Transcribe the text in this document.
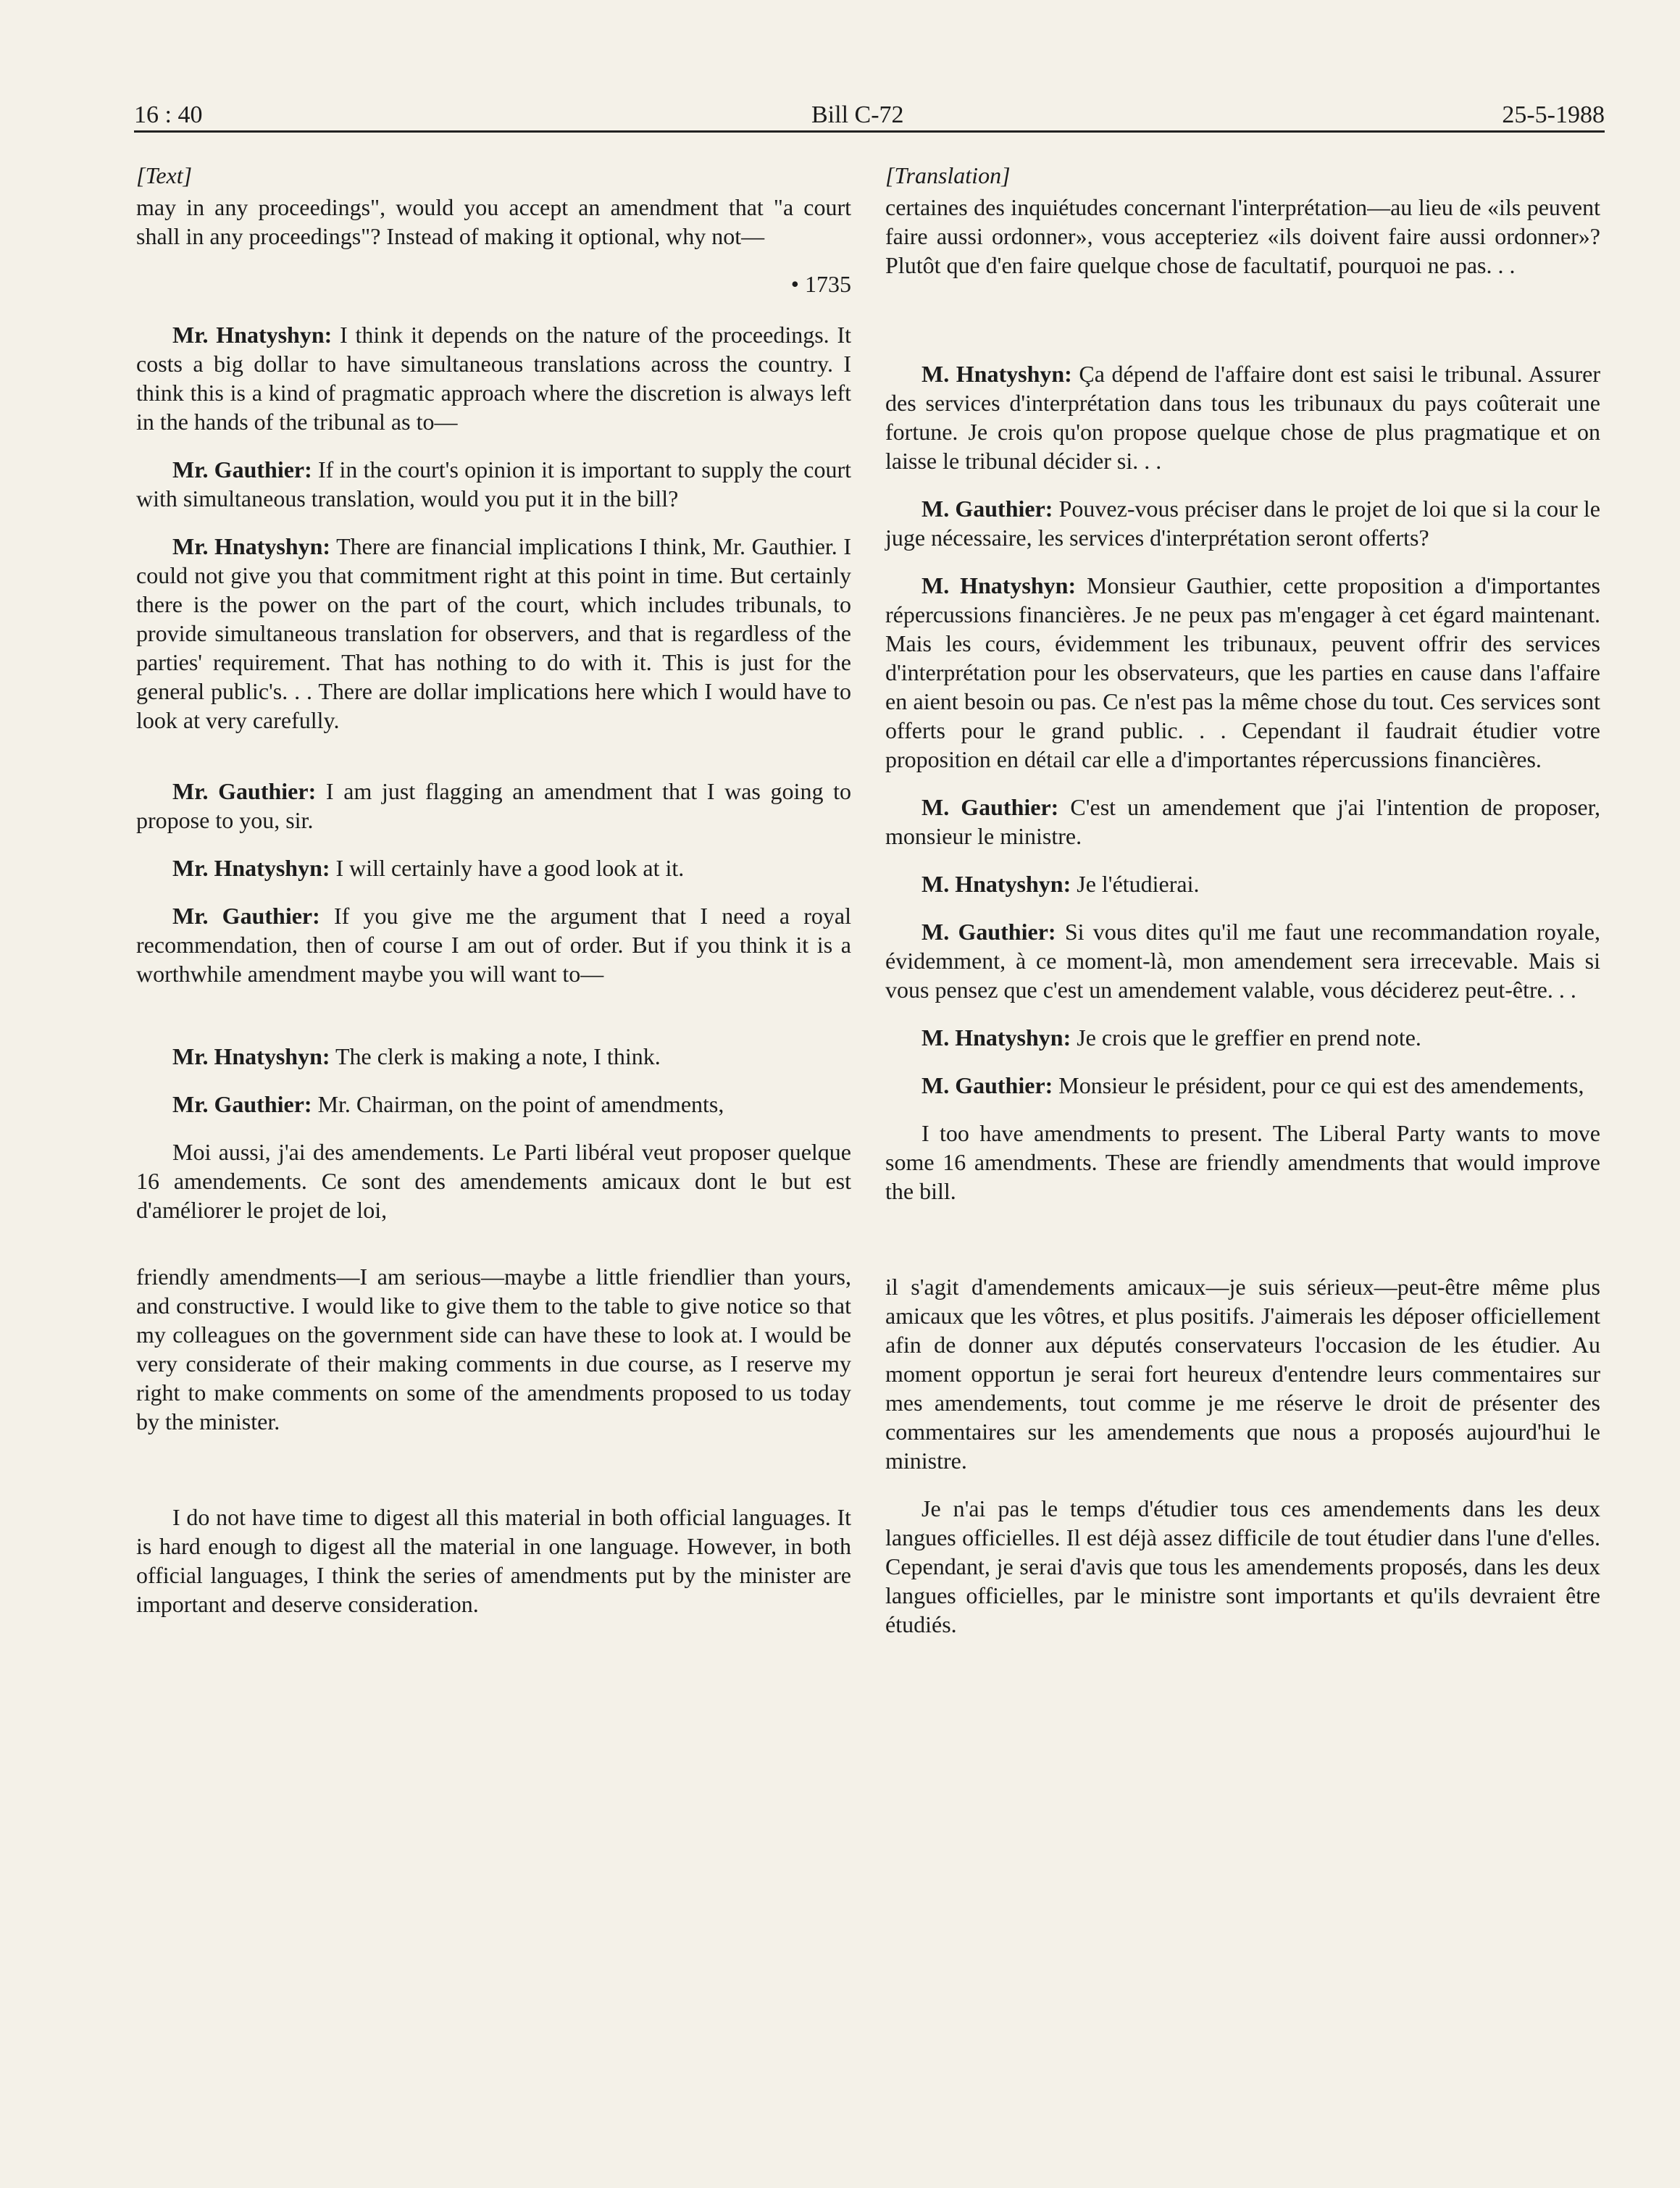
16 : 40	Bill C-72	25-5-1988
[Text]

may in any proceedings", would you accept an amendment that "a court shall in any proceedings"? Instead of making it optional, why not—

• 1735

Mr. Hnatyshyn: I think it depends on the nature of the proceedings. It costs a big dollar to have simultaneous translations across the country. I think this is a kind of pragmatic approach where the discretion is always left in the hands of the tribunal as to—

Mr. Gauthier: If in the court's opinion it is important to supply the court with simultaneous translation, would you put it in the bill?

Mr. Hnatyshyn: There are financial implications I think, Mr. Gauthier. I could not give you that commitment right at this point in time. But certainly there is the power on the part of the court, which includes tribunals, to provide simultaneous translation for observers, and that is regardless of the parties' requirement. That has nothing to do with it. This is just for the general public's. . . There are dollar implications here which I would have to look at very carefully.

Mr. Gauthier: I am just flagging an amendment that I was going to propose to you, sir.

Mr. Hnatyshyn: I will certainly have a good look at it.

Mr. Gauthier: If you give me the argument that I need a royal recommendation, then of course I am out of order. But if you think it is a worthwhile amendment maybe you will want to—

Mr. Hnatyshyn: The clerk is making a note, I think.

Mr. Gauthier: Mr. Chairman, on the point of amendments,

Moi aussi, j'ai des amendements. Le Parti libéral veut proposer quelque 16 amendements. Ce sont des amendements amicaux dont le but est d'améliorer le projet de loi,

friendly amendments—I am serious—maybe a little friendlier than yours, and constructive. I would like to give them to the table to give notice so that my colleagues on the government side can have these to look at. I would be very considerate of their making comments in due course, as I reserve my right to make comments on some of the amendments proposed to us today by the minister.

I do not have time to digest all this material in both official languages. It is hard enough to digest all the material in one language. However, in both official languages, I think the series of amendments put by the minister are important and deserve consideration.

[Translation]

certaines des inquiétudes concernant l'interprétation—au lieu de «ils peuvent faire aussi ordonner», vous accepteriez «ils doivent faire aussi ordonner»? Plutôt que d'en faire quelque chose de facultatif, pourquoi ne pas. . .

M. Hnatyshyn: Ça dépend de l'affaire dont est saisi le tribunal. Assurer des services d'interprétation dans tous les tribunaux du pays coûterait une fortune. Je crois qu'on propose quelque chose de plus pragmatique et on laisse le tribunal décider si. . .

M. Gauthier: Pouvez-vous préciser dans le projet de loi que si la cour le juge nécessaire, les services d'interprétation seront offerts?

M. Hnatyshyn: Monsieur Gauthier, cette proposition a d'importantes répercussions financières. Je ne peux pas m'engager à cet égard maintenant. Mais les cours, évidemment les tribunaux, peuvent offrir des services d'interprétation pour les observateurs, que les parties en cause dans l'affaire en aient besoin ou pas. Ce n'est pas la même chose du tout. Ces services sont offerts pour le grand public. . . Cependant il faudrait étudier votre proposition en détail car elle a d'importantes répercussions financières.

M. Gauthier: C'est un amendement que j'ai l'intention de proposer, monsieur le ministre.

M. Hnatyshyn: Je l'étudierai.

M. Gauthier: Si vous dites qu'il me faut une recommandation royale, évidemment, à ce moment-là, mon amendement sera irrecevable. Mais si vous pensez que c'est un amendement valable, vous déciderez peut-être. . .

M. Hnatyshyn: Je crois que le greffier en prend note.

M. Gauthier: Monsieur le président, pour ce qui est des amendements,

I too have amendments to present. The Liberal Party wants to move some 16 amendments. These are friendly amendments that would improve the bill.

il s'agit d'amendements amicaux—je suis sérieux—peut-être même plus amicaux que les vôtres, et plus positifs. J'aimerais les déposer officiellement afin de donner aux députés conservateurs l'occasion de les étudier. Au moment opportun je serai fort heureux d'entendre leurs commentaires sur mes amendements, tout comme je me réserve le droit de présenter des commentaires sur les amendements que nous a proposés aujourd'hui le ministre.

Je n'ai pas le temps d'étudier tous ces amendements dans les deux langues officielles. Il est déjà assez difficile de tout étudier dans l'une d'elles. Cependant, je serai d'avis que tous les amendements proposés, dans les deux langues officielles, par le ministre sont importants et qu'ils devraient être étudiés.
